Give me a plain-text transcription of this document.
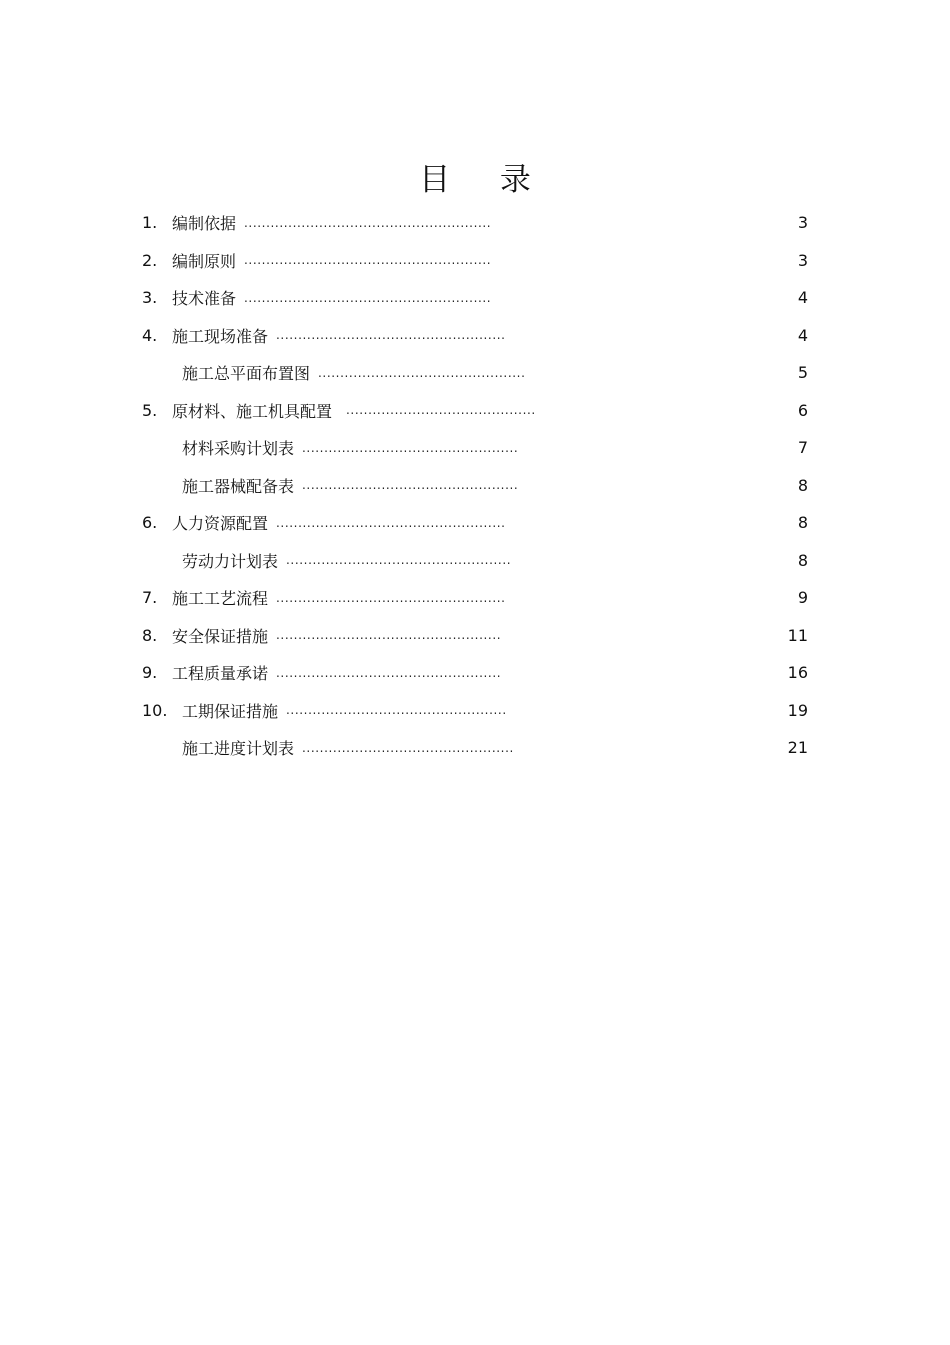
目 录
1. 编制依据 ........................................................	3
2. 编制原则 ........................................................	3
3. 技术准备 ........................................................	4
4. 施工现场准备 ....................................................	4
施工总平面布置图 ...............................................	5
5. 原材料、施工机具配置 ...........................................	6
材料采购计划表 .................................................	7
施工器械配备表 .................................................	8
6. 人力资源配置 ....................................................	8
劳动力计划表 ...................................................	8
7. 施工工艺流程 ....................................................	9
8. 安全保证措施 ...................................................	11
9. 工程质量承诺 ...................................................	16
10. 工期保证措施 ..................................................	19
施工进度计划表 ................................................	21
